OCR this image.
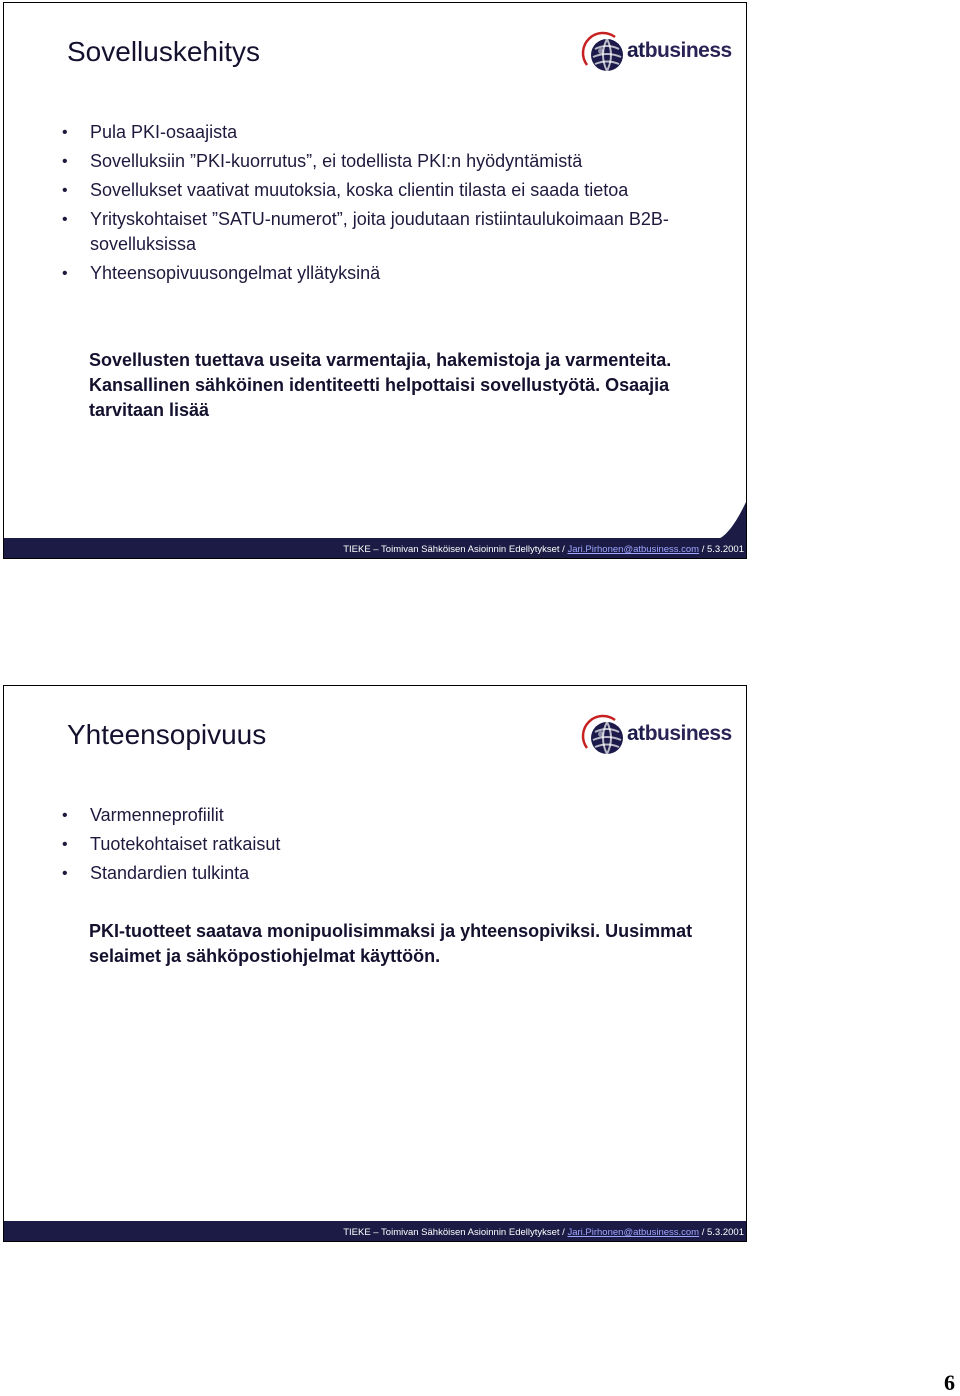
Sovelluskehitys	atbusiness
• Pula PKI-osaajista
• Sovelluksiin ”PKI-kuorrutus”, ei todellista PKI:n hyödyntämistä
• Sovellukset vaativat muutoksia, koska clientin tilasta ei saada tietoa
• Yrityskohtaiset ”SATU-numerot”, joita joudutaan ristiintaulukoimaan B2B-sovelluksissa
• Yhteensopivuusongelmat yllätyksinä
Sovellusten tuettava useita varmentajia, hakemistoja ja varmenteita. Kansallinen sähköinen identiteetti helpottaisi sovellustyötä. Osaajia tarvitaan lisää
TIEKE – Toimivan Sähköisen Asioinnin Edellytykset / Jari.Pirhonen@atbusiness.com / 5.3.2001
Yhteensopivuus	atbusiness
• Varmenneprofiilit
• Tuotekohtaiset ratkaisut
• Standardien tulkinta
PKI-tuotteet saatava monipuolisimmaksi ja yhteensopiviksi. Uusimmat selaimet ja sähköpostiohjelmat käyttöön.
TIEKE – Toimivan Sähköisen Asioinnin Edellytykset / Jari.Pirhonen@atbusiness.com / 5.3.2001
6
